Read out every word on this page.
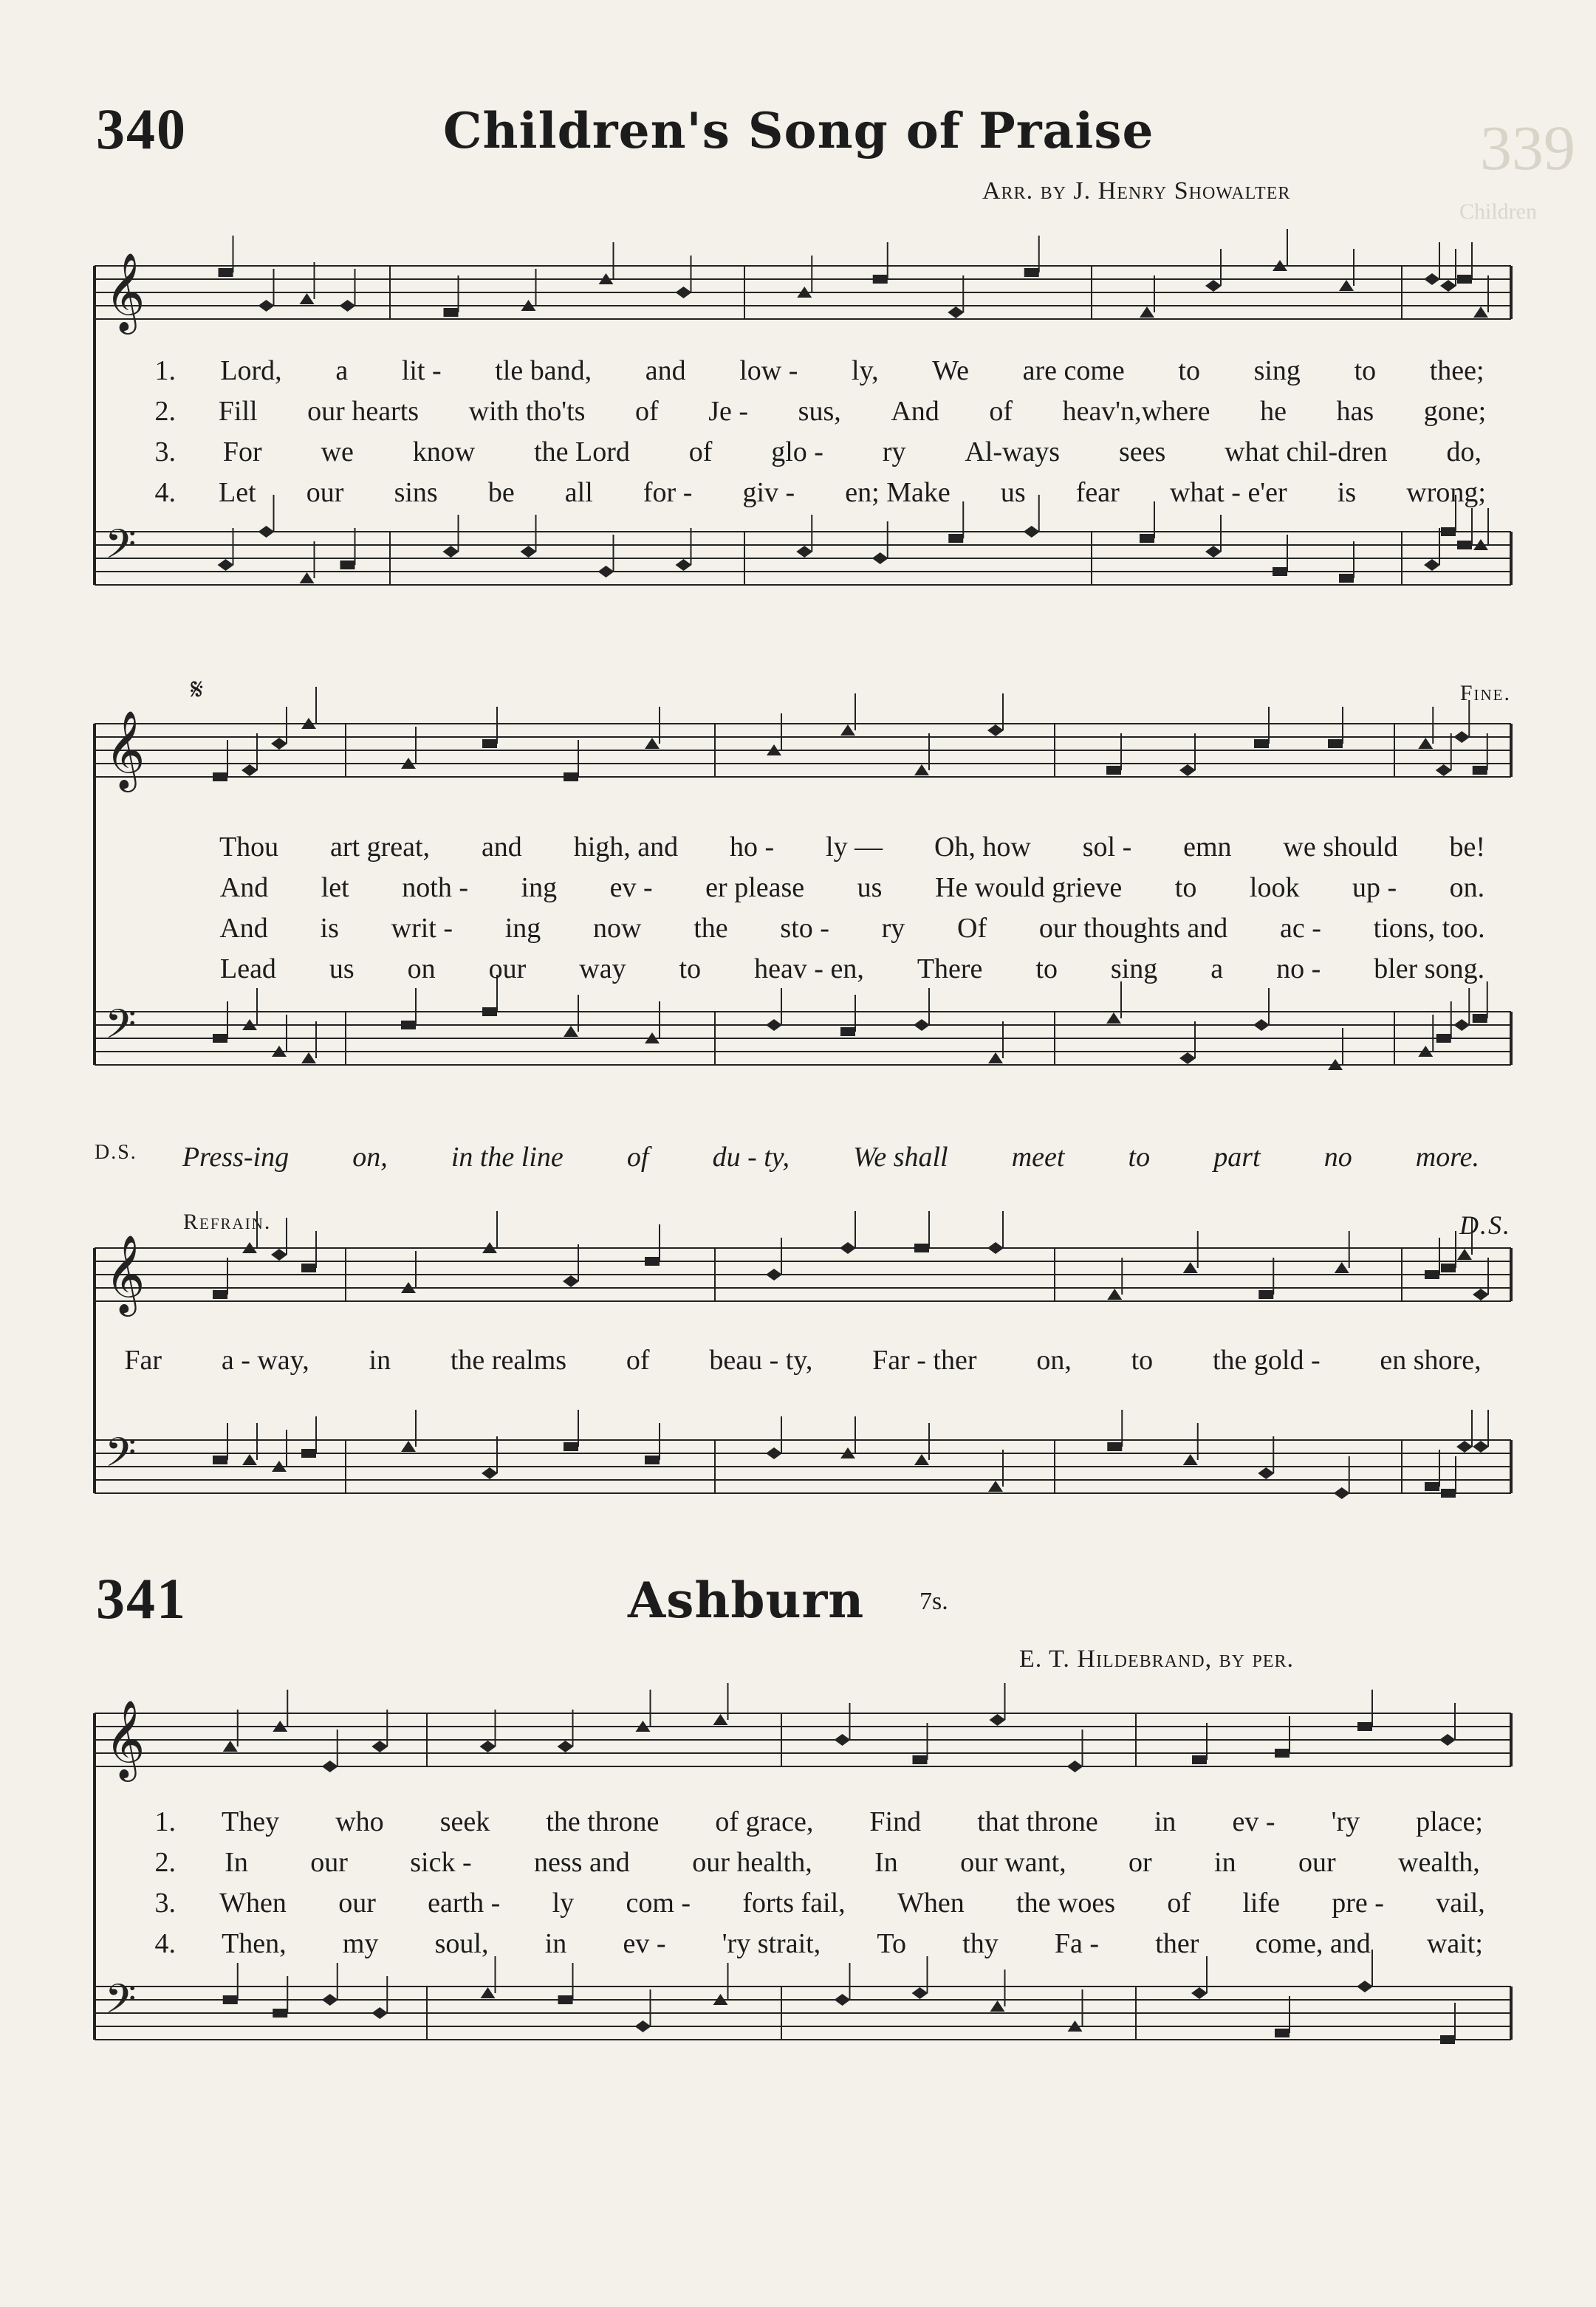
339
Children
340	Children's Song of Praise
Arr. by J. Henry Showalter
𝄞
𝄢
1.	Lord,	a	lit -	tle band,	and	low -	ly,	We	are come	to	sing	to	thee;
2.	Fill	our hearts	with tho'ts	of	Je -	sus,	And	of	heav'n,where	he	has	gone;
3.	For	we	know	the Lord	of	glo -	ry	Al-ways	sees	what chil-dren	do,
4.	Let	our	sins	be	all	for -	giv -	en; Make	us	fear	what - e'er	is	wrong;
𝄋	Fine.
𝄞
𝄢
Thou	art great,	and	high, and	ho -	ly —	Oh, how	sol -	emn	we should	be!
And	let	noth -	ing	ev -	er please	us	He would grieve	to	look	up -	on.
And	is	writ -	ing	now	the	sto -	ry	Of	our thoughts and	ac -	tions, too.
Lead	us	on	our	way	to	heav - en,	There	to	sing	a	no -	bler song.
D.S.	Press-ing	on,	in the line	of	du - ty,	We shall	meet	to	part	no	more.
Refrain.	D.S.
𝄞
𝄢
Far	a - way,	in	the realms	of	beau - ty,	Far - ther	on,	to	the gold -	en shore,
341	Ashburn 7s.
E. T. Hildebrand, by per.
𝄞
𝄢
1.	They	who	seek	the throne	of grace,	Find	that throne	in	ev -	'ry	place;
2.	In	our	sick -	ness and	our health,	In	our want,	or	in	our	wealth,
3.	When	our	earth -	ly	com -	forts fail,	When	the woes	of	life	pre -	vail,
4.	Then,	my	soul,	in	ev -	'ry strait,	To	thy	Fa -	ther	come, and	wait;
